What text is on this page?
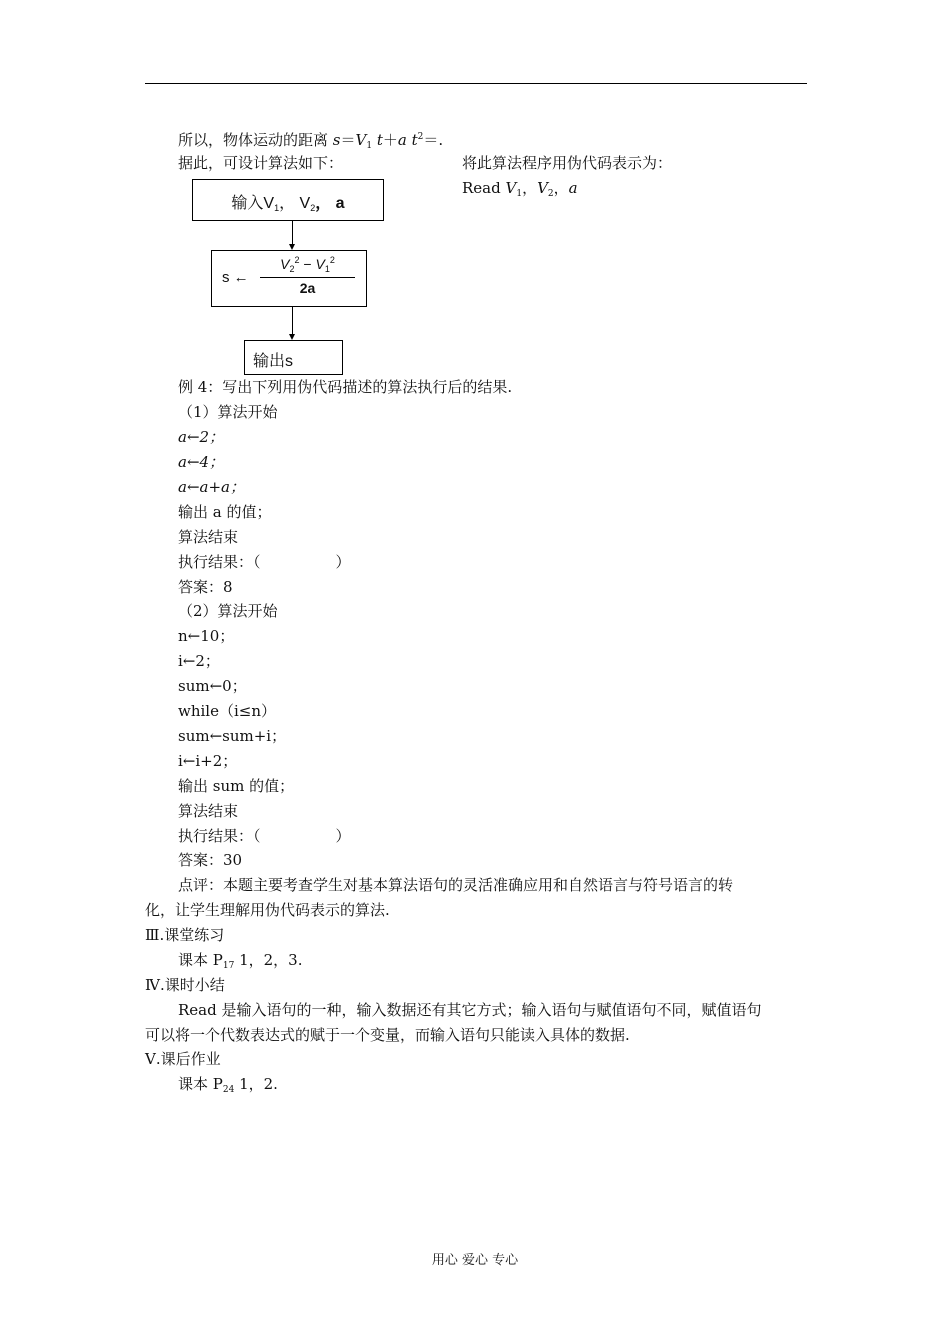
所以，物体运动的距离 $s=V_1$ t＋a $t^2=$.
据此，可设计算法如下：	将此算法程序用伪代码表示为：
Read $V_1$，$V_2$，a
输入$V_1$， $V_2$， a
s ←
$V_2^2 - V_1^2$
2a
输出s
例 4：写出下列用伪代码描述的算法执行后的结果.
（1）算法开始
a←2；
a←4；
a←a+a；
输出 a 的值；
算法结束
执行结果：（　　　　　）
答案：8
（2）算法开始
n←10；
i←2；
sum←0；
while（i≤n）
sum←sum+i；
i←i+2；
输出 sum 的值；
算法结束
执行结果：（　　　　　）
答案：30
点评：本题主要考查学生对基本算法语句的灵活准确应用和自然语言与符号语言的转
化，让学生理解用伪代码表示的算法.
Ⅲ.课堂练习
课本 $P_{17}$ 1，2，3.
Ⅳ.课时小结
Read 是输入语句的一种，输入数据还有其它方式；输入语句与赋值语句不同，赋值语句
可以将一个代数表达式的赋于一个变量，而输入语句只能读入具体的数据.
Ⅴ.课后作业
课本 $P_{24}$ 1，2.
用心 爱心 专心
